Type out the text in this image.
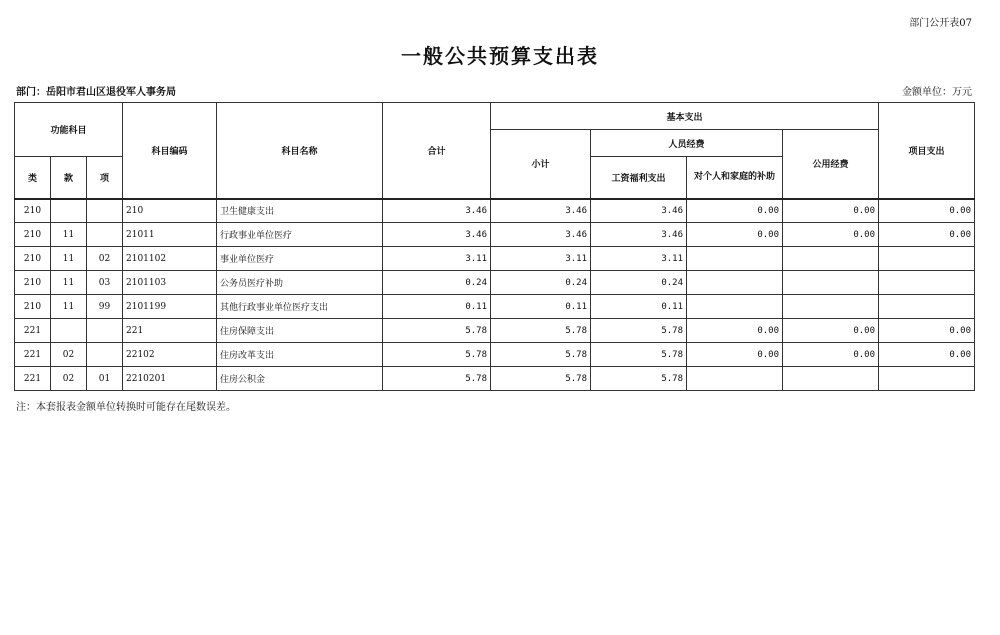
部门公开表07
一般公共预算支出表
部门：岳阳市君山区退役军人事务局	金额单位：万元
功能科目			科目编码	科目名称	合计	基本支出				项目支出
						小计	人员经费		公用经费	
类	款	项					工资福利支出	对个人和家庭的补助		
210			210	卫生健康支出	3.46	3.46	3.46	0.00	0.00	0.00
210	11		21011	行政事业单位医疗	3.46	3.46	3.46	0.00	0.00	0.00
210	11	02	2101102	事业单位医疗	3.11	3.11	3.11			
210	11	03	2101103	公务员医疗补助	0.24	0.24	0.24			
210	11	99	2101199	其他行政事业单位医疗支出	0.11	0.11	0.11			
221			221	住房保障支出	5.78	5.78	5.78	0.00	0.00	0.00
221	02		22102	住房改革支出	5.78	5.78	5.78	0.00	0.00	0.00
221	02	01	2210201	住房公积金	5.78	5.78	5.78			
注：本套报表金额单位转换时可能存在尾数误差。
